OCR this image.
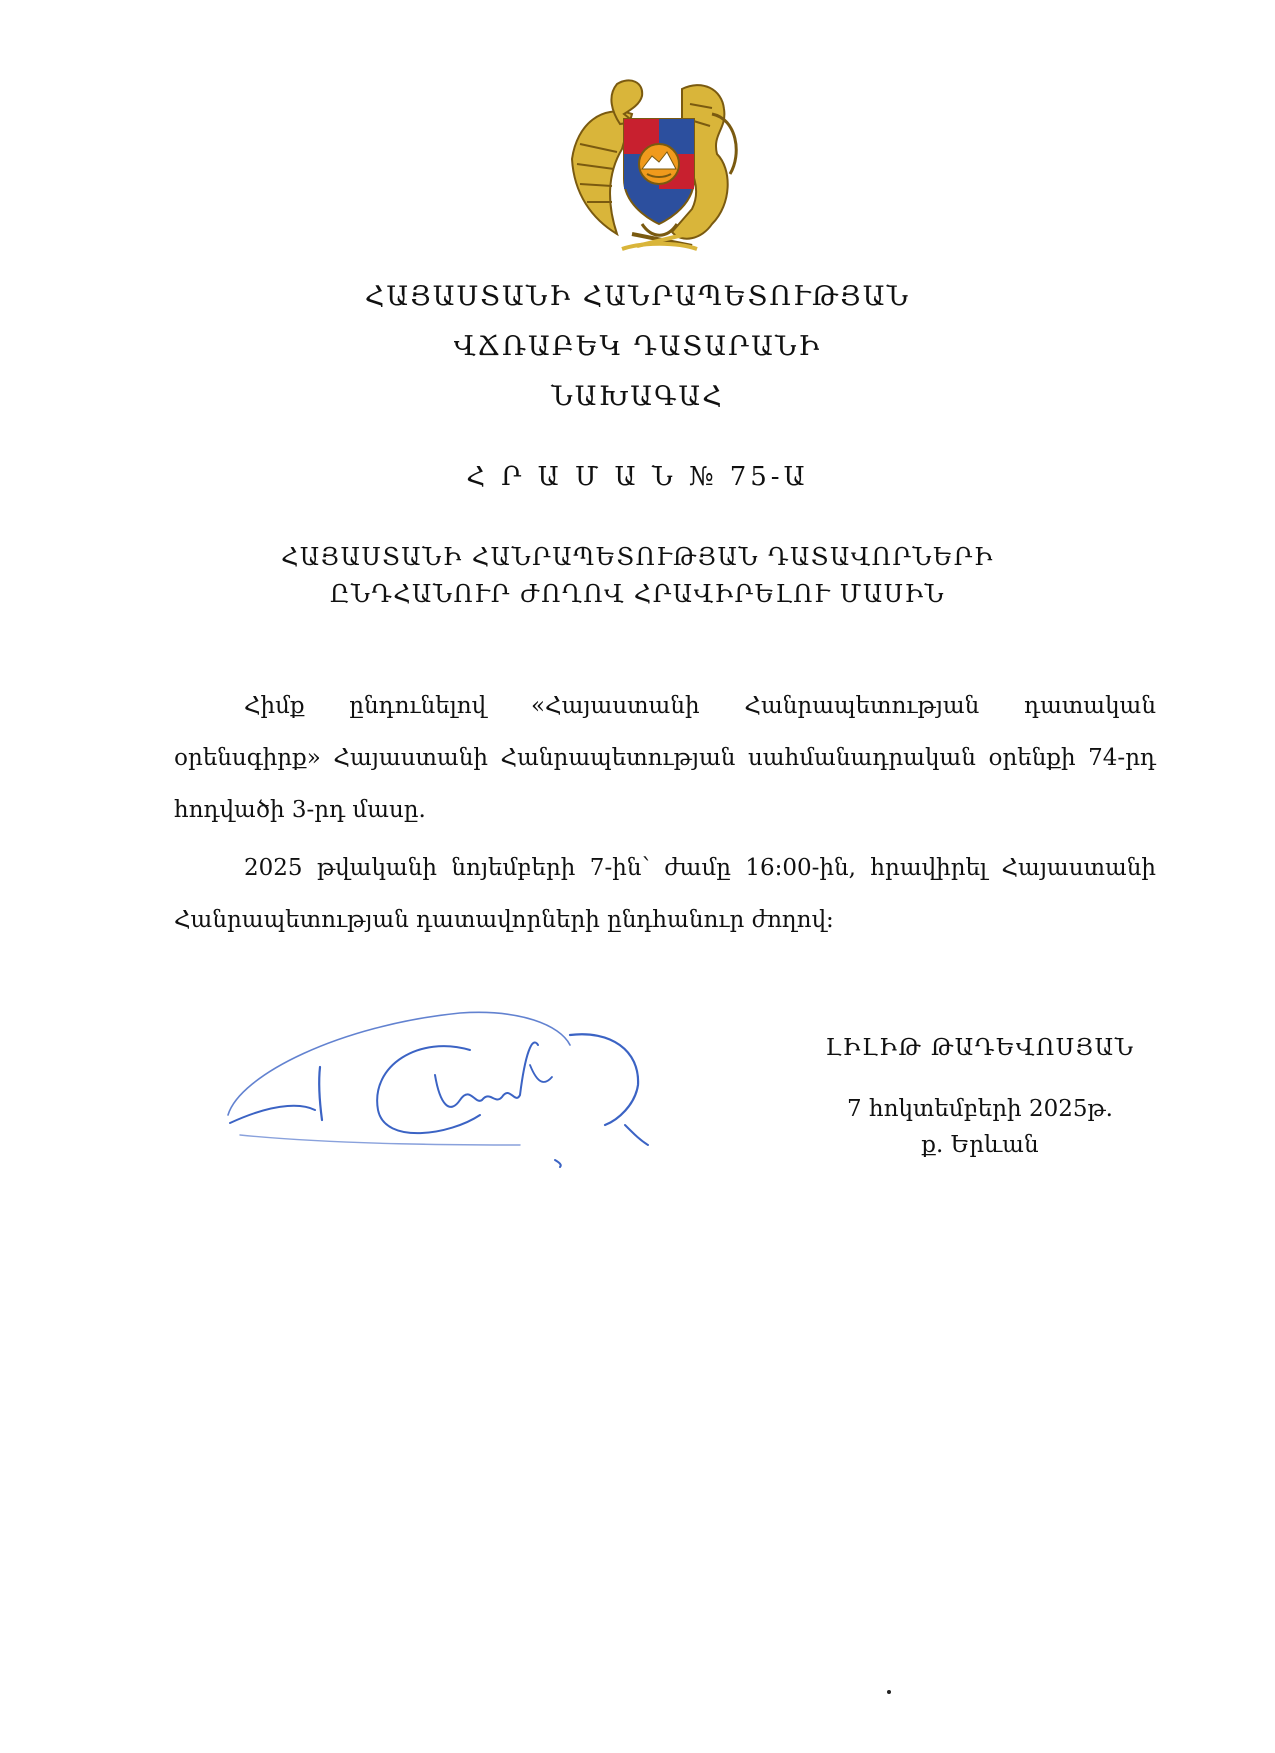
ՀԱՅԱՍՏԱՆԻ ՀԱՆՐԱՊԵՏՈՒԹՅԱՆ
ՎՃՌԱԲԵԿ ԴԱՏԱՐԱՆԻ
ՆԱԽԱԳԱՀ
Հ Ր Ա Մ Ա Ն № 75-Ա
ՀԱՅԱՍՏԱՆԻ ՀԱՆՐԱՊԵՏՈՒԹՅԱՆ ԴԱՏԱՎՈՐՆԵՐԻ
ԸՆԴՀԱՆՈՒՐ ԺՈՂՈՎ ՀՐԱՎԻՐԵԼՈՒ ՄԱՍԻՆ

Հիմք ընդունելով «Հայաստանի Հանրապետության դատական օրենսգիրք» Հայաստանի Հանրապետության սահմանադրական օրենքի 74-րդ հոդվածի 3-րդ մասը.

2025 թվականի նոյեմբերի 7-ին՝ ժամը 16:00-ին, հրավիրել Հայաստանի Հանրապետության դատավորների ընդհանուր ժողով:

ԼԻԼԻԹ ԹԱԴԵՎՈՍՅԱՆ
7 հոկտեմբերի 2025թ.
ք. Երևան
